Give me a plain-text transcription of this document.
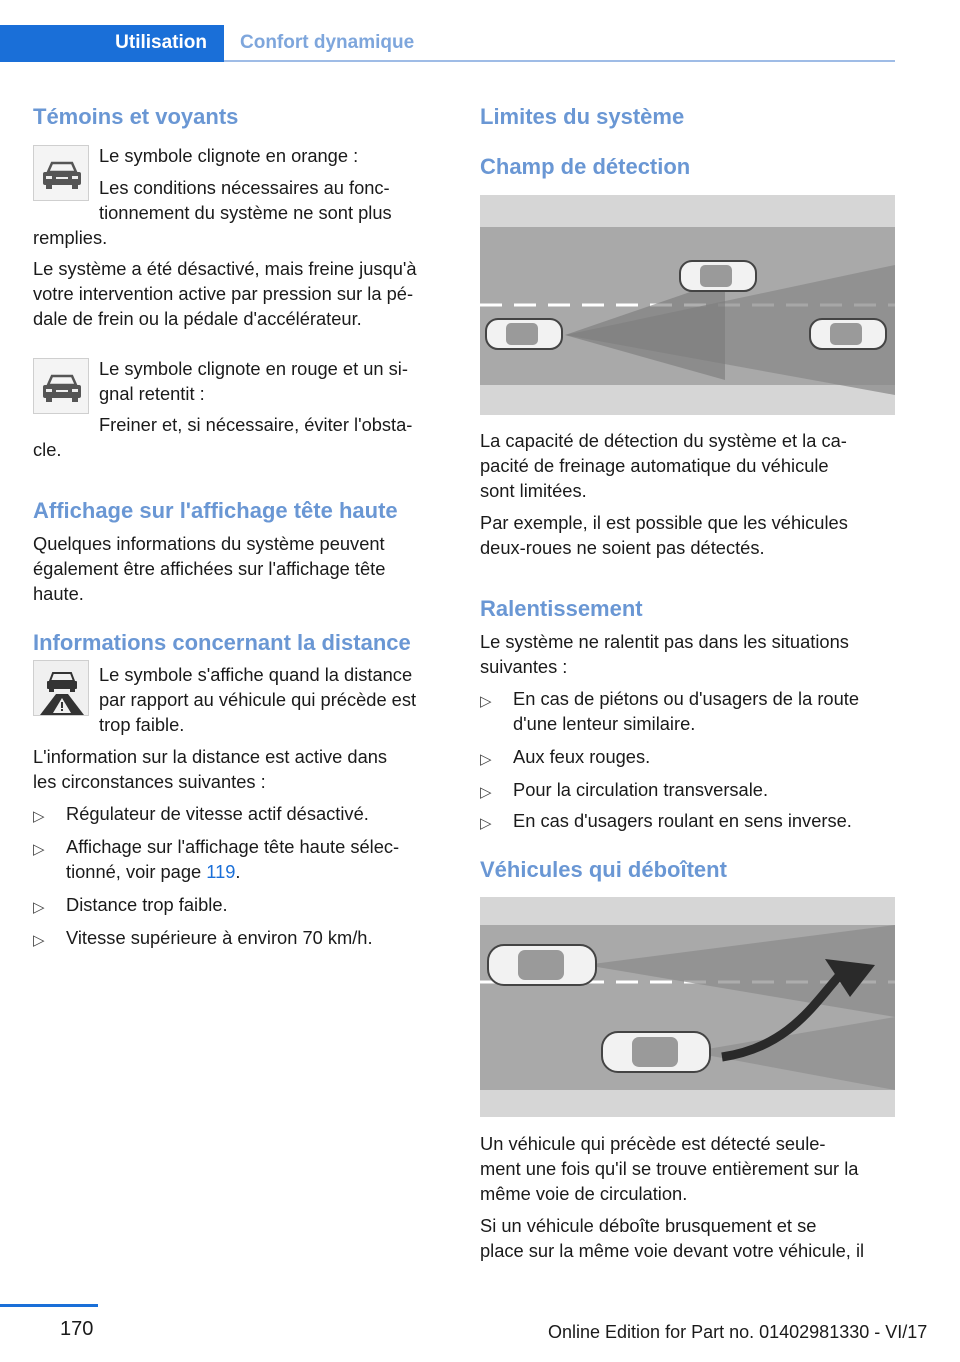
Utilisation Confort dynamique
Témoins et voyants
Le symbole clignote en orange :
Les conditions nécessaires au fonc-
tionnement du système ne sont plus
remplies.
Le système a été désactivé, mais freine jusqu'à
votre intervention active par pression sur la pé-
dale de frein ou la pédale d'accélérateur.
Le symbole clignote en rouge et un si-
gnal retentit :
Freiner et, si nécessaire, éviter l'obsta-
cle.
Affichage sur l'affichage tête haute
Quelques informations du système peuvent
également être affichées sur l'affichage tête
haute.
Informations concernant la distance
Le symbole s'affiche quand la distance
par rapport au véhicule qui précède est
trop faible.
L'information sur la distance est active dans
les circonstances suivantes :
▷ Régulateur de vitesse actif désactivé.
▷ Affichage sur l'affichage tête haute sélec-
tionné, voir page 119.
▷ Distance trop faible.
▷ Vitesse supérieure à environ 70 km/h.
Limites du système
Champ de détection
La capacité de détection du système et la ca-
pacité de freinage automatique du véhicule
sont limitées.
Par exemple, il est possible que les véhicules
deux-roues ne soient pas détectés.
Ralentissement
Le système ne ralentit pas dans les situations
suivantes :
▷ En cas de piétons ou d'usagers de la route
d'une lenteur similaire.
▷ Aux feux rouges.
▷ Pour la circulation transversale.
▷ En cas d'usagers roulant en sens inverse.
Véhicules qui déboîtent
Un véhicule qui précède est détecté seule-
ment une fois qu'il se trouve entièrement sur la
même voie de circulation.
Si un véhicule déboîte brusquement et se
place sur la même voie devant votre véhicule, il
170	Online Edition for Part no. 01402981330 - VI/17
